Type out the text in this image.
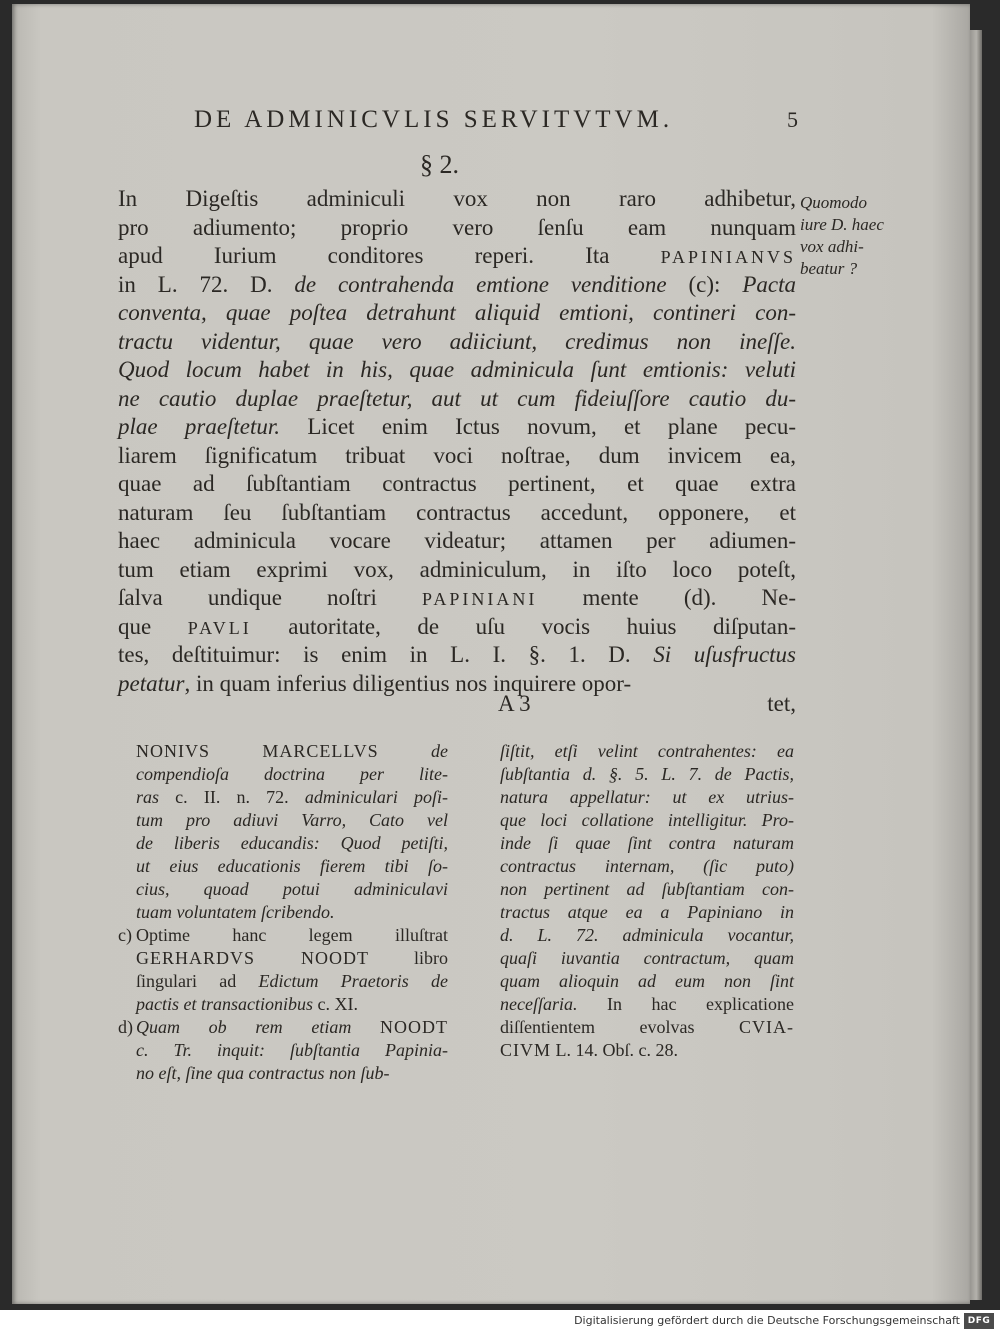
DE ADMINICVLIS SERVITVTVM.	5
§ 2.
In Digeſtis adminiculi vox non raro adhibetur,
pro adiumento; proprio vero ſenſu eam nunquam
apud Iurium conditores reperi. Ita PAPINIANVS
in L. 72. D. de contrahenda emtione venditione (c): Pacta
conventa, quae poſtea detrahunt aliquid emtioni, contineri con-
tractu videntur, quae vero adiiciunt, credimus non ineſſe.
Quod locum habet in his, quae adminicula ſunt emtionis: veluti
ne cautio duplae praeſtetur, aut ut cum fideiuſſore cautio du-
plae praeſtetur. Licet enim Ictus novum, et plane pecu-
liarem ſignificatum tribuat voci noſtrae, dum invicem ea,
quae ad ſubſtantiam contractus pertinent, et quae extra
naturam ſeu ſubſtantiam contractus accedunt, opponere, et
haec adminicula vocare videatur; attamen per adiumen-
tum etiam exprimi vox, adminiculum, in iſto loco poteſt,
ſalva undique noſtri PAPINIANI mente (d). Ne-
que PAVLI autoritate, de uſu vocis huius diſputan-
tes, deſtituimur: is enim in L. I. §. 1. D. Si uſusfructus
petatur, in quam inferius diligentius nos inquirere opor-
Quomodo
iure D. haec
vox adhi-
beatur ?
A 3	tet,
NONIVS MARCELLVS de
compendioſa doctrina per lite-
ras c. II. n. 72. adminiculari poſi-
tum pro adiuvi Varro, Cato vel
de liberis educandis: Quod petiſti,
ut eius educationis fierem tibi ſo-
cius, quoad potui adminiculavi
tuam voluntatem ſcribendo.
c) Optime hanc legem illuſtrat
GERHARDVS NOODT libro
ſingulari ad Edictum Praetoris de
pactis et transactionibus c. XI.
d) Quam ob rem etiam NOODT
c. Tr. inquit: ſubſtantia Papinia-
no eſt, ſine qua contractus non ſub-
ſiſtit, etſi velint contrahentes: ea
ſubſtantia d. §. 5. L. 7. de Pactis,
natura appellatur: ut ex utrius-
que loci collatione intelligitur. Pro-
inde ſi quae ſint contra naturam
contractus internam, (ſic puto)
non pertinent ad ſubſtantiam con-
tractus atque ea a Papiniano in
d. L. 72. adminicula vocantur,
quaſi iuvantia contractum, quam
quam alioquin ad eum non ſint
neceſſaria. In hac explicatione
diſſentientem evolvas CVIA-
CIVM L. 14. Obſ. c. 28.
Digitalisierung gefördert durch die Deutsche Forschungsgemeinschaft DFG
